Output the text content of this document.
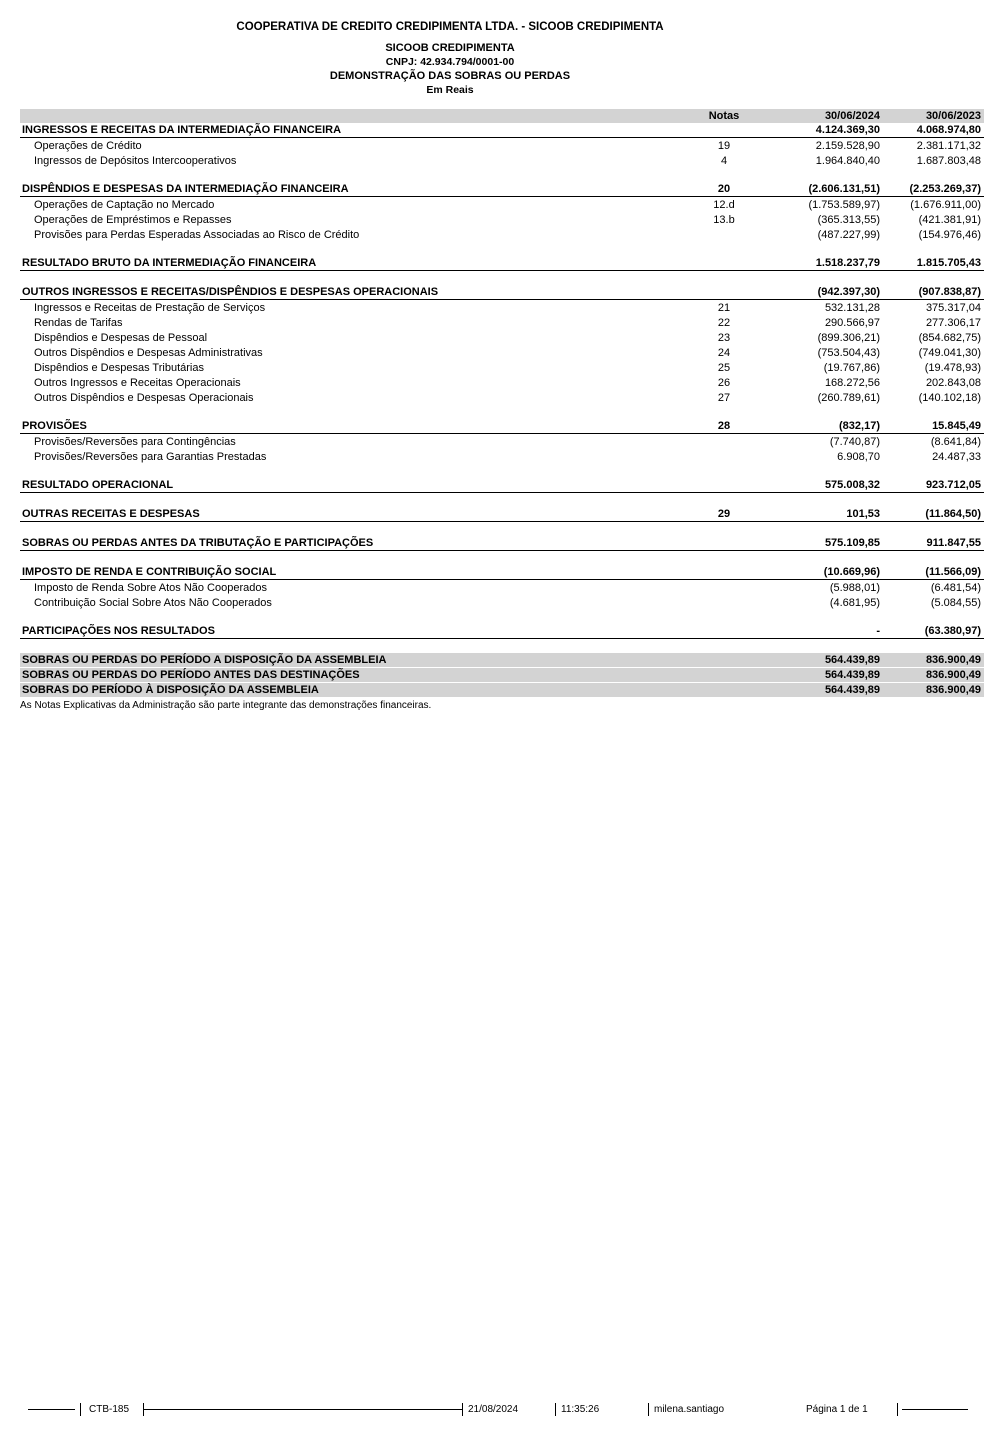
COOPERATIVA DE CREDITO CREDIPIMENTA LTDA. - SICOOB CREDIPIMENTA
SICOOB CREDIPIMENTA
CNPJ: 42.934.794/0001-00
DEMONSTRAÇÃO DAS SOBRAS OU PERDAS
Em Reais
Notas	30/06/2024	30/06/2023
INGRESSOS E RECEITAS DA INTERMEDIAÇÃO FINANCEIRA	4.124.369,30	4.068.974,80
Operações de Crédito	19	2.159.528,90	2.381.171,32
Ingressos de Depósitos Intercooperativos	4	1.964.840,40	1.687.803,48
DISPÊNDIOS E DESPESAS DA INTERMEDIAÇÃO FINANCEIRA	20	(2.606.131,51)	(2.253.269,37)
Operações de Captação no Mercado	12.d	(1.753.589,97)	(1.676.911,00)
Operações de Empréstimos e Repasses	13.b	(365.313,55)	(421.381,91)
Provisões para Perdas Esperadas Associadas ao Risco de Crédito	(487.227,99)	(154.976,46)
RESULTADO BRUTO DA INTERMEDIAÇÃO FINANCEIRA	1.518.237,79	1.815.705,43
OUTROS INGRESSOS E RECEITAS/DISPÊNDIOS E DESPESAS OPERACIONAIS	(942.397,30)	(907.838,87)
Ingressos e Receitas de Prestação de Serviços	21	532.131,28	375.317,04
Rendas de Tarifas	22	290.566,97	277.306,17
Dispêndios e Despesas de Pessoal	23	(899.306,21)	(854.682,75)
Outros Dispêndios e Despesas Administrativas	24	(753.504,43)	(749.041,30)
Dispêndios e Despesas Tributárias	25	(19.767,86)	(19.478,93)
Outros Ingressos e Receitas Operacionais	26	168.272,56	202.843,08
Outros Dispêndios e Despesas Operacionais	27	(260.789,61)	(140.102,18)
PROVISÕES	28	(832,17)	15.845,49
Provisões/Reversões para Contingências	(7.740,87)	(8.641,84)
Provisões/Reversões para Garantias Prestadas	6.908,70	24.487,33
RESULTADO OPERACIONAL	575.008,32	923.712,05
OUTRAS RECEITAS E DESPESAS	29	101,53	(11.864,50)
SOBRAS OU PERDAS ANTES DA TRIBUTAÇÃO E PARTICIPAÇÕES	575.109,85	911.847,55
IMPOSTO DE RENDA E CONTRIBUIÇÃO SOCIAL	(10.669,96)	(11.566,09)
Imposto de Renda Sobre Atos Não Cooperados	(5.988,01)	(6.481,54)
Contribuição Social Sobre Atos Não Cooperados	(4.681,95)	(5.084,55)
PARTICIPAÇÕES NOS RESULTADOS	-	(63.380,97)
SOBRAS OU PERDAS DO PERÍODO A DISPOSIÇÃO DA ASSEMBLEIA	564.439,89	836.900,49
SOBRAS OU PERDAS DO PERÍODO ANTES DAS DESTINAÇÕES	564.439,89	836.900,49
SOBRAS DO PERÍODO À DISPOSIÇÃO DA ASSEMBLEIA	564.439,89	836.900,49
As Notas Explicativas da Administração são parte integrante das demonstrações financeiras.
CTB-185	21/08/2024	11:35:26	milena.santiago	Página 1 de 1
